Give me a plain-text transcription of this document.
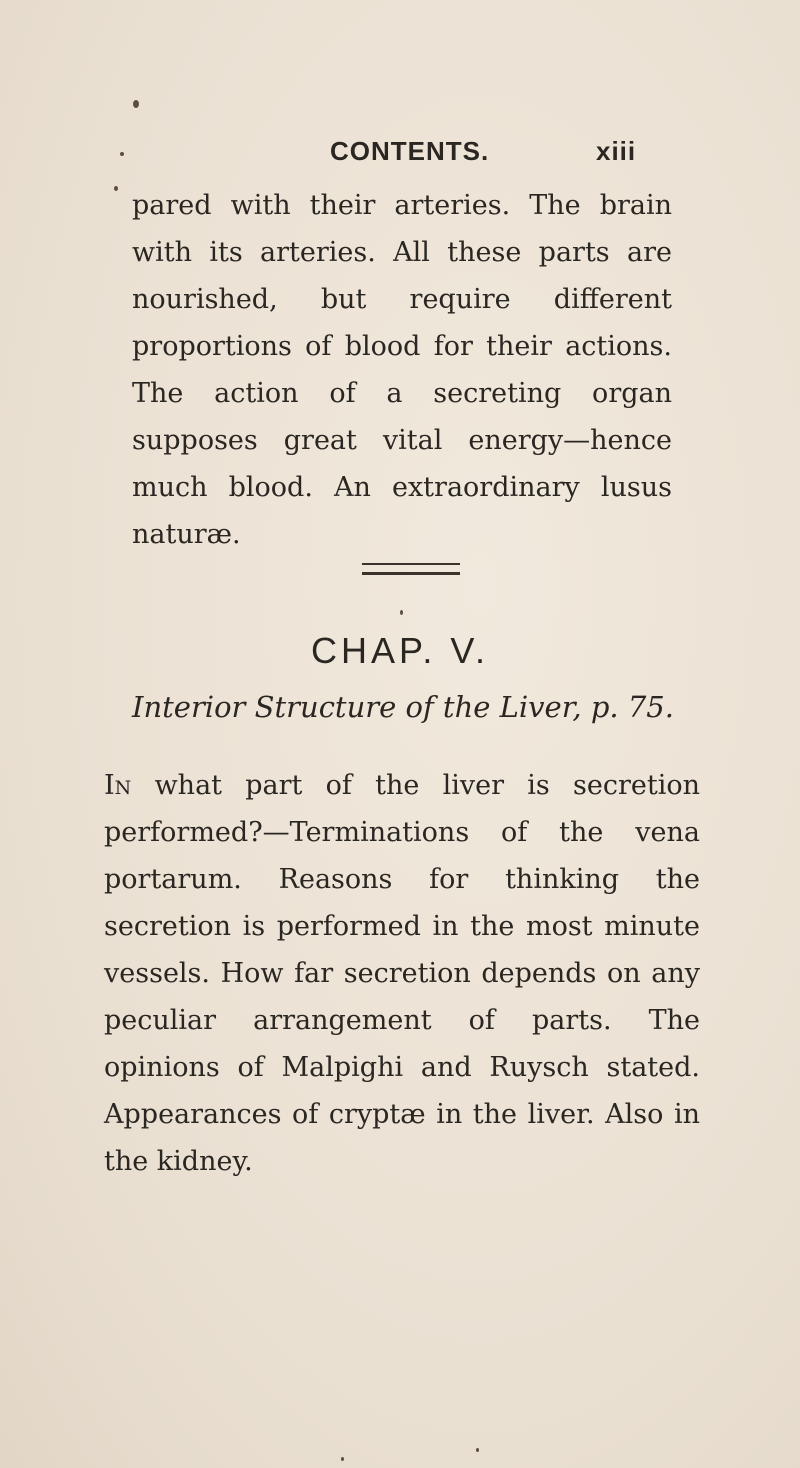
CONTENTS.	xiii

pared with their arteries. The brain with its arteries. All these parts are nourished, but require different proportions of blood for their actions. The action of a secreting organ supposes great vital energy—hence much blood. An extraordinary lusus naturæ.

CHAP. V.

Interior Structure of the Liver, p. 75.

In what part of the liver is secretion performed?—Terminations of the vena portarum. Reasons for thinking the secretion is performed in the most minute vessels. How far secretion depends on any peculiar arrangement of parts. The opinions of Malpighi and Ruysch stated. Appearances of cryptæ in the liver. Also in the kidney.
